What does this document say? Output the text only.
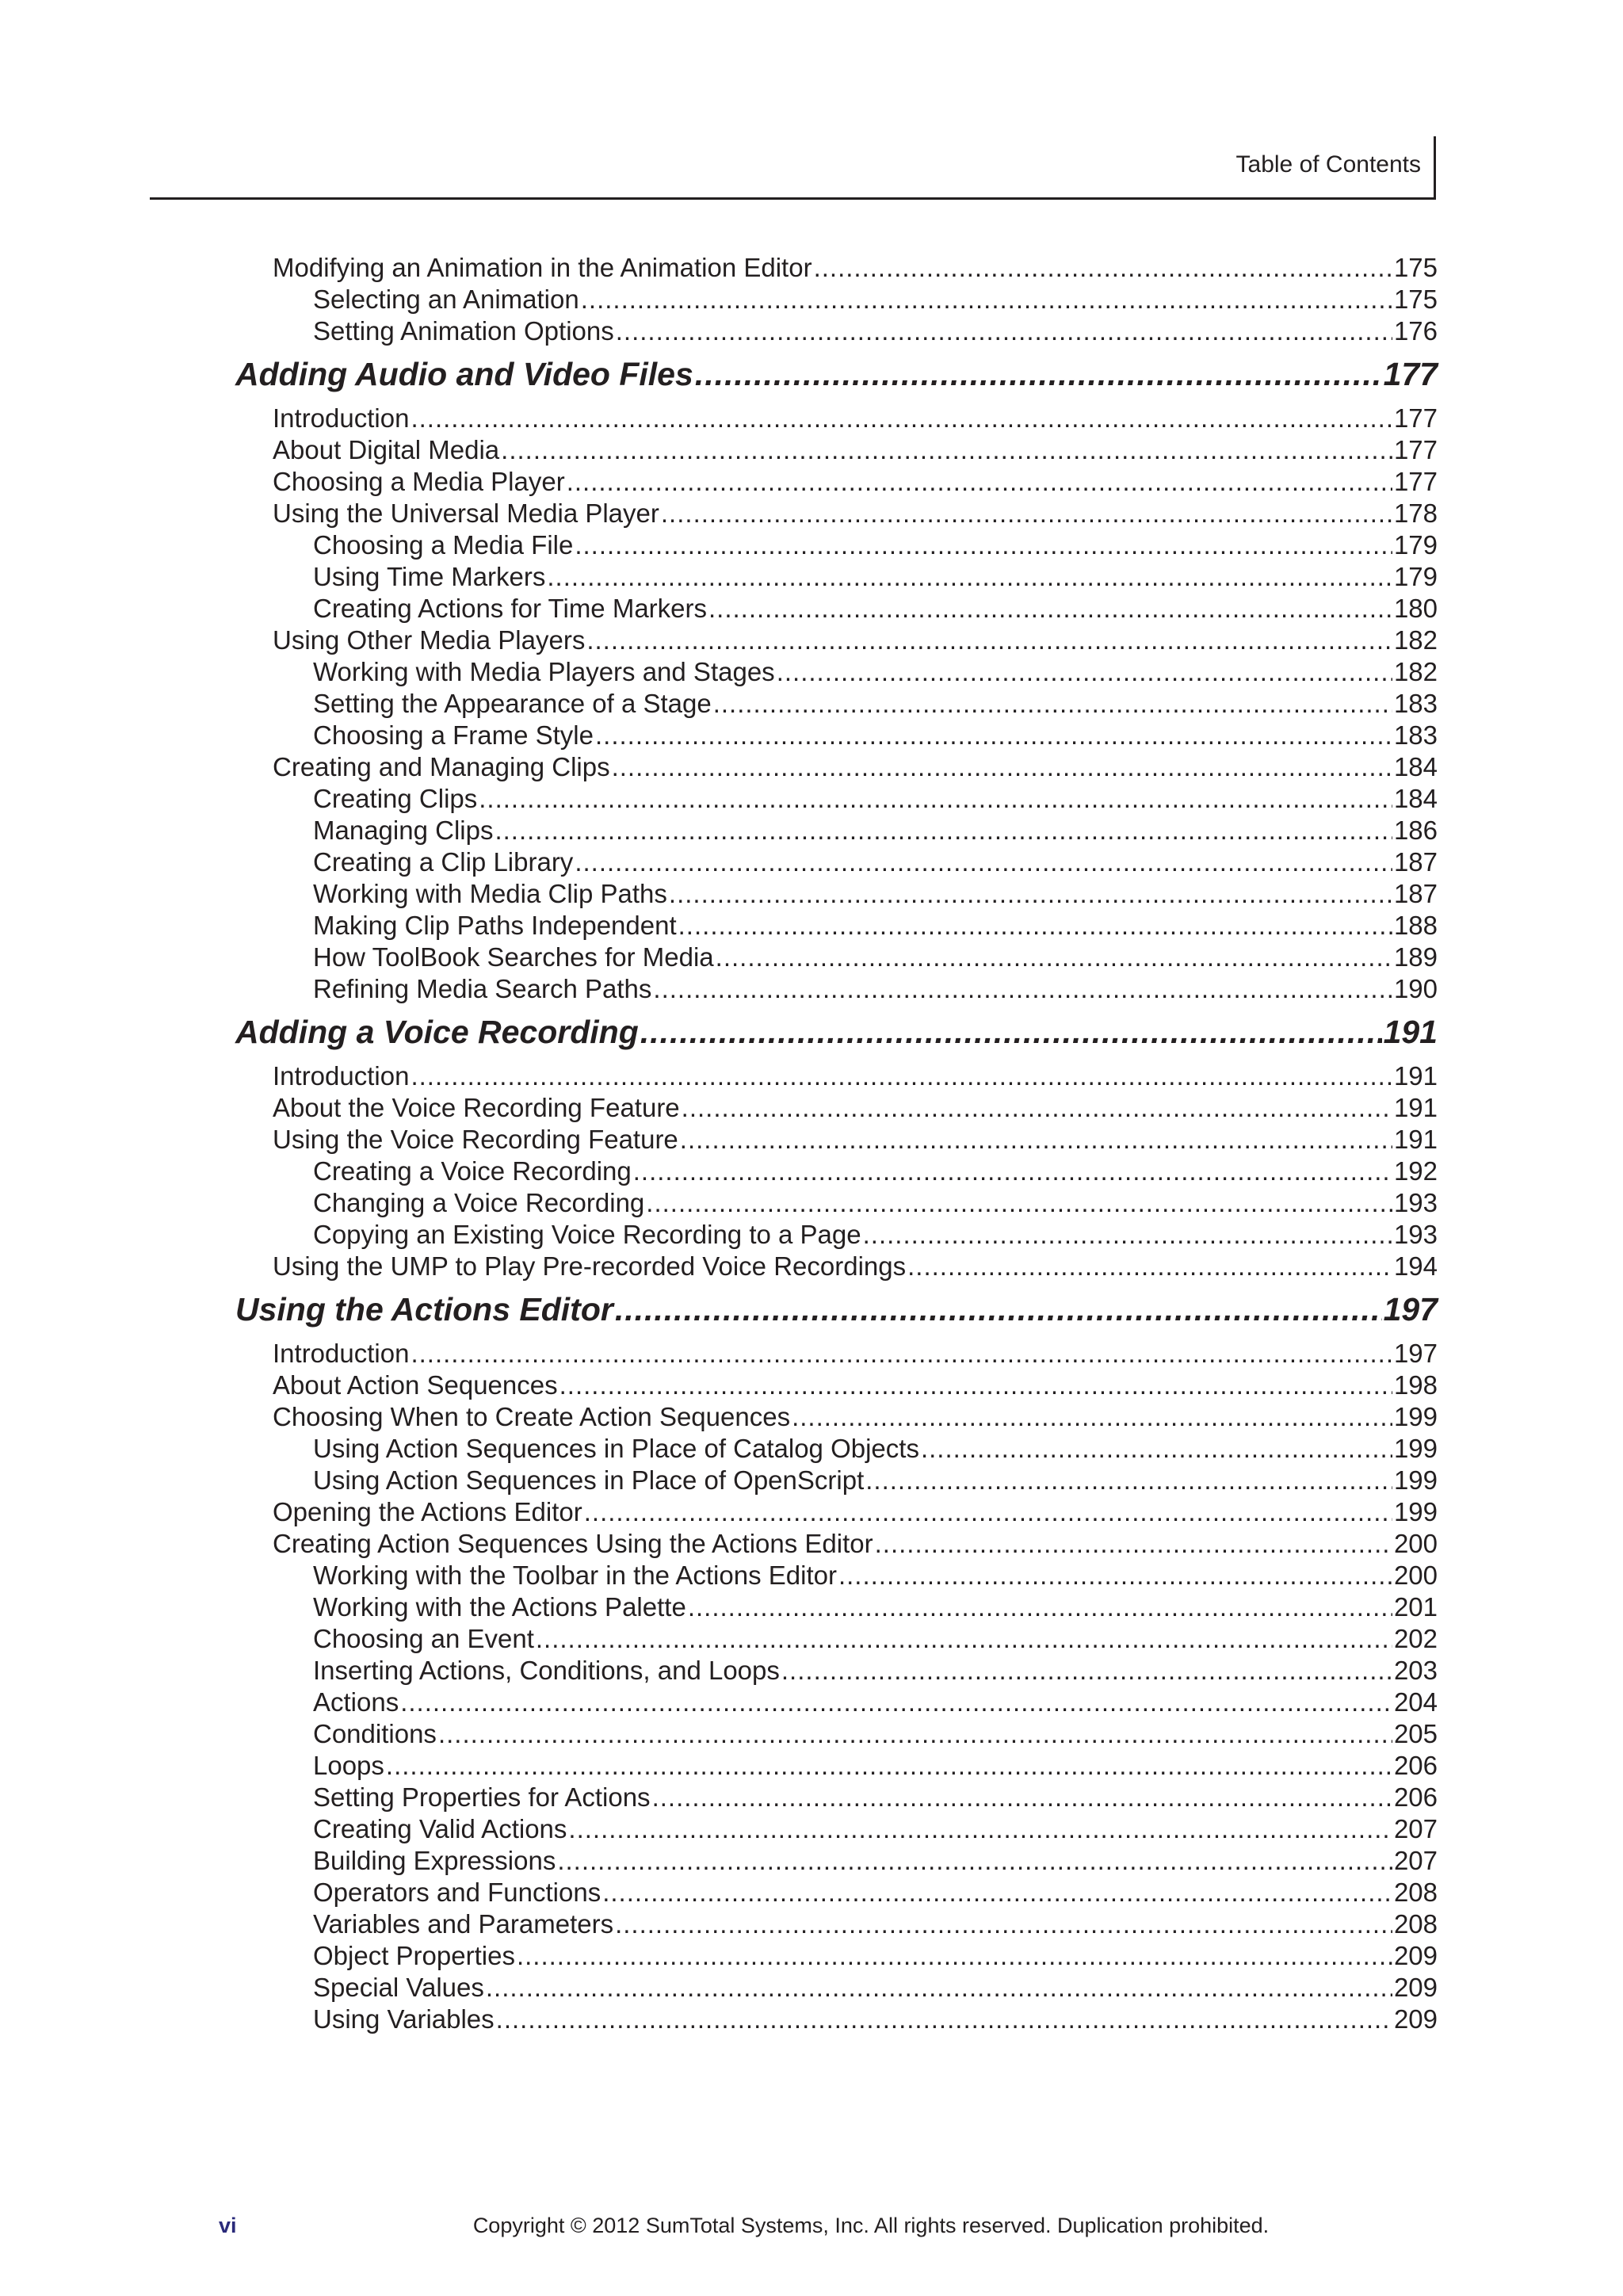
Table of Contents
Modifying an Animation in the Animation Editor .....	175
Selecting an Animation .....	175
Setting Animation Options .....	176
Adding Audio and Video Files .....	177
Introduction .....	177
About Digital Media .....	177
Choosing a Media Player .....	177
Using the Universal Media Player .....	178
Choosing a Media File .....	179
Using Time Markers .....	179
Creating Actions for Time Markers .....	180
Using Other Media Players .....	182
Working with Media Players and Stages .....	182
Setting the Appearance of a Stage .....	183
Choosing a Frame Style .....	183
Creating and Managing Clips .....	184
Creating Clips .....	184
Managing Clips .....	186
Creating a Clip Library .....	187
Working with Media Clip Paths .....	187
Making Clip Paths Independent .....	188
How ToolBook Searches for Media .....	189
Refining Media Search Paths .....	190
Adding a Voice Recording .....	191
Introduction .....	191
About the Voice Recording Feature .....	191
Using the Voice Recording Feature .....	191
Creating a Voice Recording .....	192
Changing a Voice Recording .....	193
Copying an Existing Voice Recording to a Page .....	193
Using the UMP to Play Pre-recorded Voice Recordings .....	194
Using the Actions Editor .....	197
Introduction .....	197
About Action Sequences .....	198
Choosing When to Create Action Sequences .....	199
Using Action Sequences in Place of Catalog Objects .....	199
Using Action Sequences in Place of OpenScript .....	199
Opening the Actions Editor .....	199
Creating Action Sequences Using the Actions Editor .....	200
Working with the Toolbar in the Actions Editor .....	200
Working with the Actions Palette .....	201
Choosing an Event .....	202
Inserting Actions, Conditions, and Loops .....	203
Actions .....	204
Conditions .....	205
Loops .....	206
Setting Properties for Actions .....	206
Creating Valid Actions .....	207
Building Expressions .....	207
Operators and Functions .....	208
Variables and Parameters .....	208
Object Properties .....	209
Special Values .....	209
Using Variables .....	209
vi	Copyright © 2012 SumTotal Systems, Inc. All rights reserved. Duplication prohibited.
